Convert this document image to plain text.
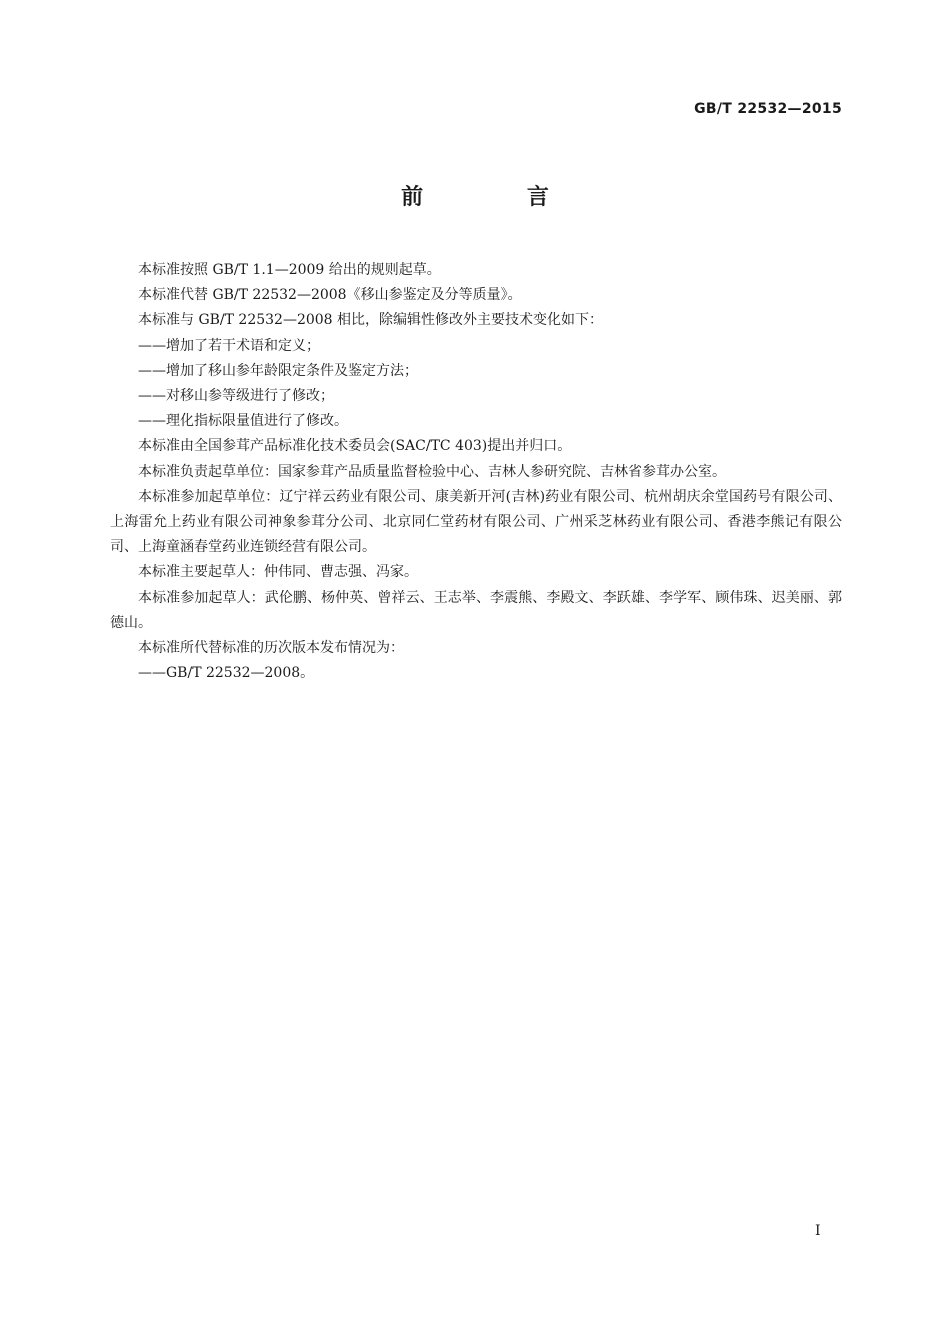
GB/T 22532—2015
前 言

本标准按照 GB/T 1.1—2009 给出的规则起草。

本标准代替 GB/T 22532—2008《移山参鉴定及分等质量》。

本标准与 GB/T 22532—2008 相比，除编辑性修改外主要技术变化如下：

——增加了若干术语和定义；

——增加了移山参年龄限定条件及鉴定方法；

——对移山参等级进行了修改；

——理化指标限量值进行了修改。

本标准由全国参茸产品标准化技术委员会(SAC/TC 403)提出并归口。

本标准负责起草单位：国家参茸产品质量监督检验中心、吉林人参研究院、吉林省参茸办公室。

本标准参加起草单位：辽宁祥云药业有限公司、康美新开河(吉林)药业有限公司、杭州胡庆余堂国药号有限公司、上海雷允上药业有限公司神象参茸分公司、北京同仁堂药材有限公司、广州采芝林药业有限公司、香港李熊记有限公司、上海童涵春堂药业连锁经营有限公司。

本标准主要起草人：仲伟同、曹志强、冯家。

本标准参加起草人：武伦鹏、杨仲英、曾祥云、王志举、李震熊、李殿文、李跃雄、李学军、顾伟珠、迟美丽、郭德山。

本标准所代替标准的历次版本发布情况为：

——GB/T 22532—2008。

I
